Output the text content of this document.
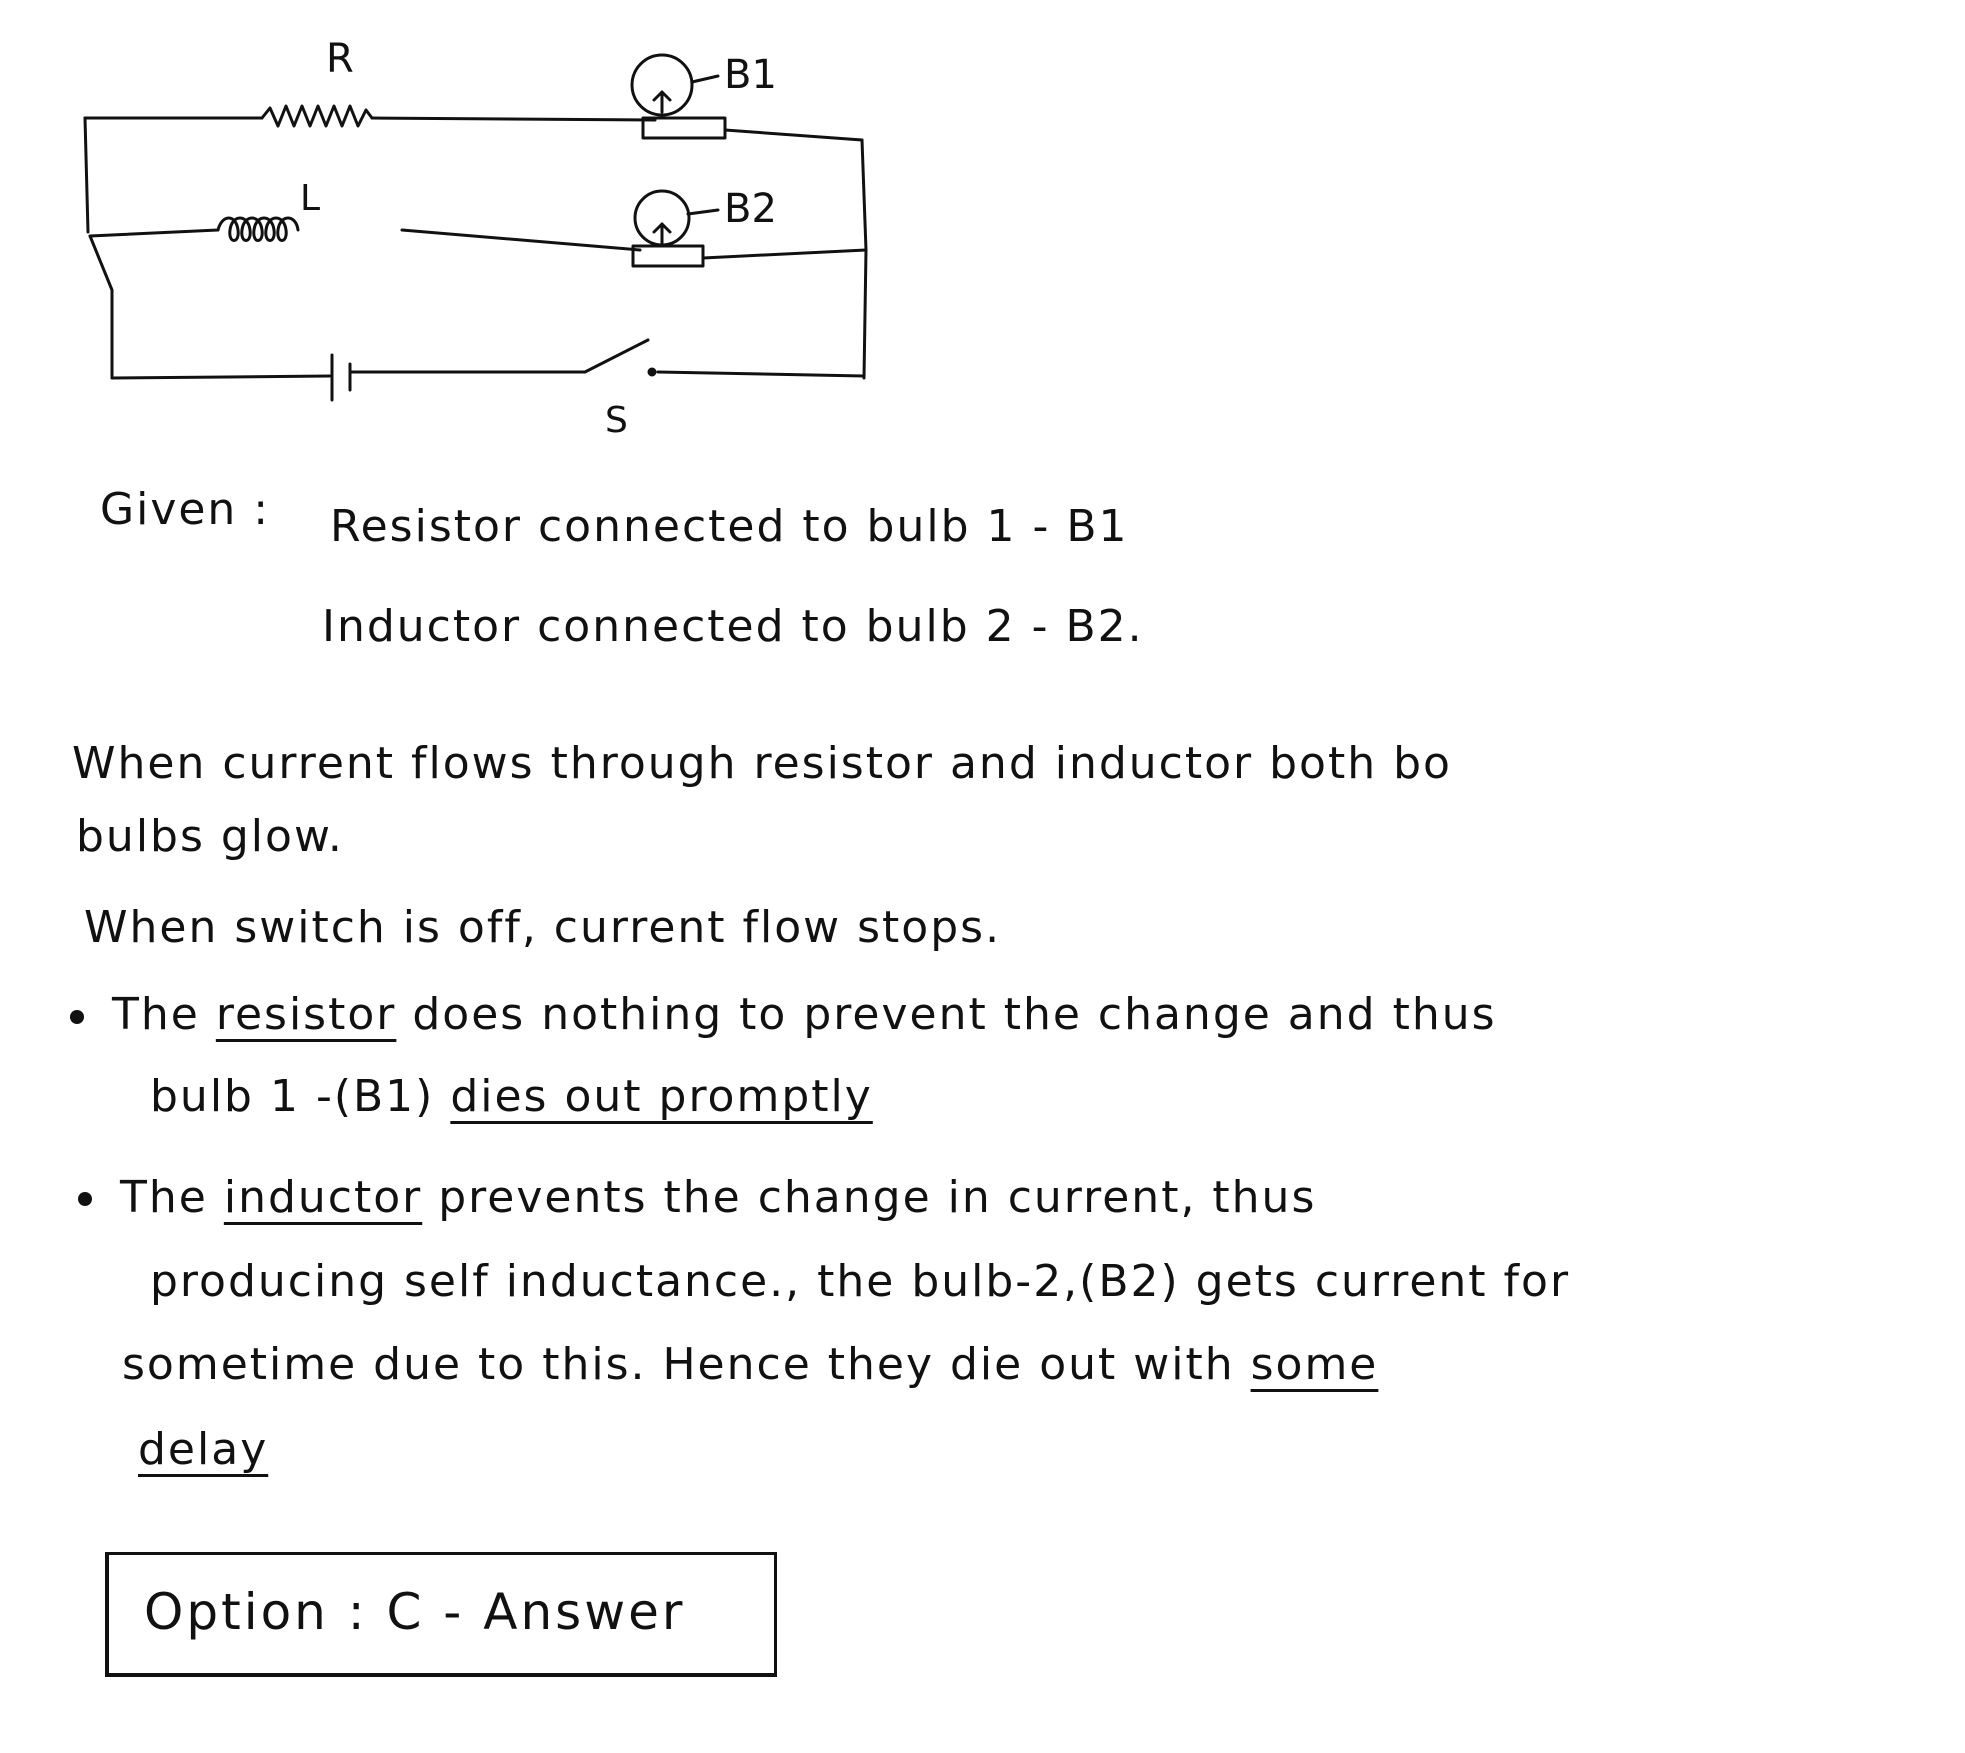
R
L
B1
B2
S
Given : Resistor connected to bulb 1 - B1
Inductor connected to bulb 2 - B2.
When current flows through resistor and inductor both bo
bulbs glow.
When switch is off, current flow stops.
The resistor does nothing to prevent the change and thus
bulb 1 -(B1) dies out promptly
The inductor prevents the change in current, thus
producing self inductance., the bulb-2,(B2) gets current for
sometime due to this. Hence they die out with some
delay
Option : C - Answer
